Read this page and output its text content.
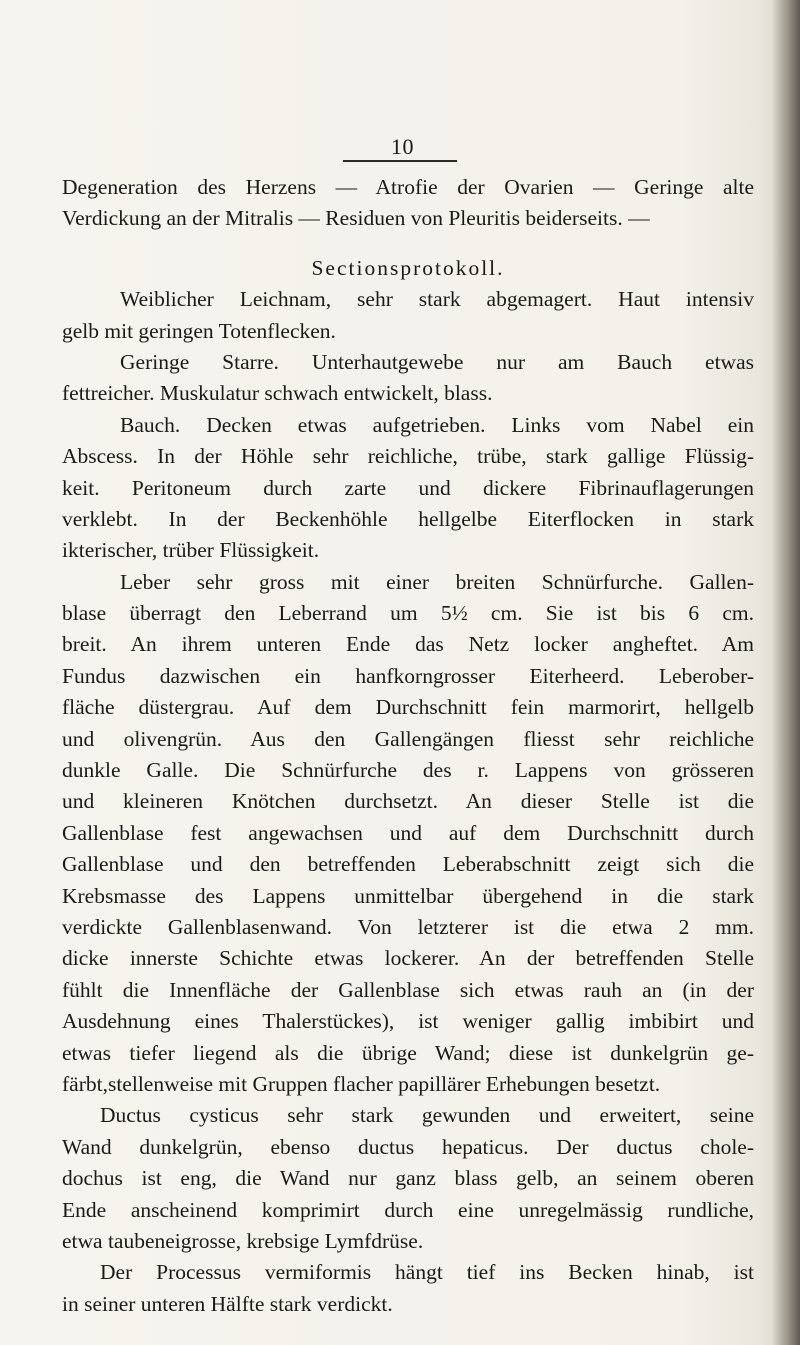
10
Degeneration des Herzens — Atrofie der Ovarien — Geringe alte
Verdickung an der Mitralis — Residuen von Pleuritis beiderseits. —
Sectionsprotokoll.
Weiblicher Leichnam, sehr stark abgemagert. Haut intensiv
gelb mit geringen Totenflecken.
Geringe Starre. Unterhautgewebe nur am Bauch etwas
fettreicher. Muskulatur schwach entwickelt, blass.
Bauch. Decken etwas aufgetrieben. Links vom Nabel ein
Abscess. In der Höhle sehr reichliche, trübe, stark gallige Flüssig-
keit. Peritoneum durch zarte und dickere Fibrinauflagerungen
verklebt. In der Beckenhöhle hellgelbe Eiterflocken in stark
ikterischer, trüber Flüssigkeit.
Leber sehr gross mit einer breiten Schnürfurche. Gallen-
blase überragt den Leberrand um 5½ cm. Sie ist bis 6 cm.
breit. An ihrem unteren Ende das Netz locker angheftet. Am
Fundus dazwischen ein hanfkorngrosser Eiterheerd. Leberober-
fläche düstergrau. Auf dem Durchschnitt fein marmorirt, hellgelb
und olivengrün. Aus den Gallengängen fliesst sehr reichliche
dunkle Galle. Die Schnürfurche des r. Lappens von grösseren
und kleineren Knötchen durchsetzt. An dieser Stelle ist die
Gallenblase fest angewachsen und auf dem Durchschnitt durch
Gallenblase und den betreffenden Leberabschnitt zeigt sich die
Krebsmasse des Lappens unmittelbar übergehend in die stark
verdickte Gallenblasenwand. Von letzterer ist die etwa 2 mm.
dicke innerste Schichte etwas lockerer. An der betreffenden Stelle
fühlt die Innenfläche der Gallenblase sich etwas rauh an (in der
Ausdehnung eines Thalerstückes), ist weniger gallig imbibirt und
etwas tiefer liegend als die übrige Wand; diese ist dunkelgrün ge-
färbt,stellenweise mit Gruppen flacher papillärer Erhebungen besetzt.
Ductus cysticus sehr stark gewunden und erweitert, seine
Wand dunkelgrün, ebenso ductus hepaticus. Der ductus chole-
dochus ist eng, die Wand nur ganz blass gelb, an seinem oberen
Ende anscheinend komprimirt durch eine unregelmässig rundliche,
etwa taubeneigrosse, krebsige Lymfdrüse.
Der Processus vermiformis hängt tief ins Becken hinab, ist
in seiner unteren Hälfte stark verdickt.
